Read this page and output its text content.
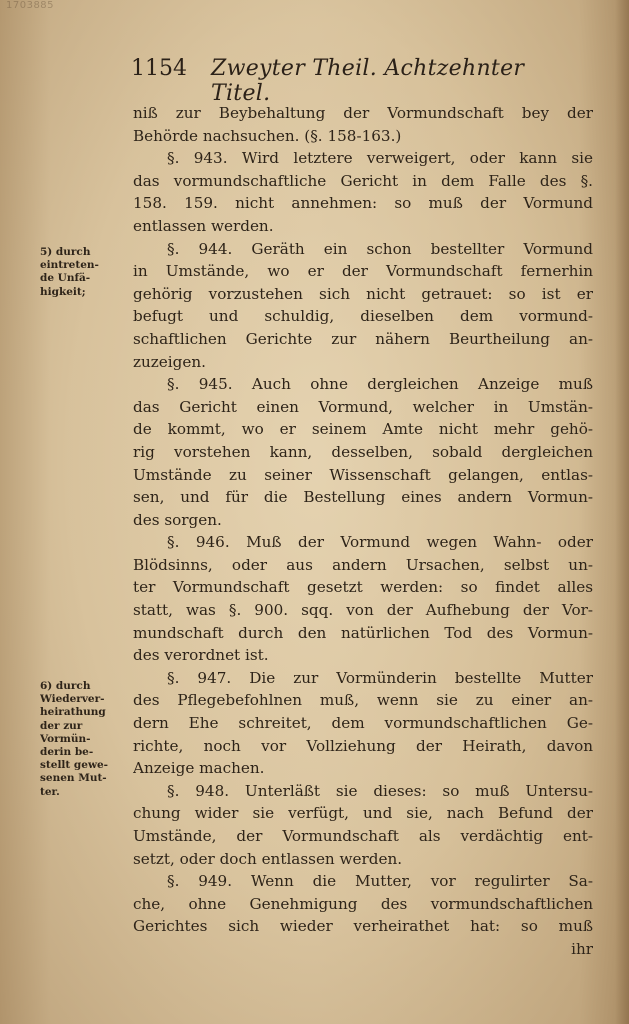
1703885
1154 Zweyter Theil. Achtzehnter Titel.
5) durch
eintreten-
de Unfä-
higkeit;
6) durch
Wiederver-
heirathung
der zur
Vormün-
derin be-
stellt gewe-
senen Mut-
ter.
niß zur Beybehaltung der Vormundschaft bey der
Behörde nachsuchen. (§. 158-163.)
§. 943. Wird letztere verweigert, oder kann sie
das vormundschaftliche Gericht in dem Falle des §.
158. 159. nicht annehmen: so muß der Vormund
entlassen werden.
§. 944. Geräth ein schon bestellter Vormund
in Umstände, wo er der Vormundschaft fernerhin
gehörig vorzustehen sich nicht getrauet: so ist er
befugt und schuldig, dieselben dem vormund-
schaftlichen Gerichte zur nähern Beurtheilung an-
zuzeigen.
§. 945. Auch ohne dergleichen Anzeige muß
das Gericht einen Vormund, welcher in Umstän-
de kommt, wo er seinem Amte nicht mehr gehö-
rig vorstehen kann, desselben, sobald dergleichen
Umstände zu seiner Wissenschaft gelangen, entlas-
sen, und für die Bestellung eines andern Vormun-
des sorgen.
§. 946. Muß der Vormund wegen Wahn- oder
Blödsinns, oder aus andern Ursachen, selbst un-
ter Vormundschaft gesetzt werden: so findet alles
statt, was §. 900. sqq. von der Aufhebung der Vor-
mundschaft durch den natürlichen Tod des Vormun-
des verordnet ist.
§. 947. Die zur Vormünderin bestellte Mutter
des Pflegebefohlnen muß, wenn sie zu einer an-
dern Ehe schreitet, dem vormundschaftlichen Ge-
richte, noch vor Vollziehung der Heirath, davon
Anzeige machen.
§. 948. Unterläßt sie dieses: so muß Untersu-
chung wider sie verfügt, und sie, nach Befund der
Umstände, der Vormundschaft als verdächtig ent-
setzt, oder doch entlassen werden.
§. 949. Wenn die Mutter, vor regulirter Sa-
che, ohne Genehmigung des vormundschaftlichen
Gerichtes sich wieder verheirathet hat: so muß
ihr
